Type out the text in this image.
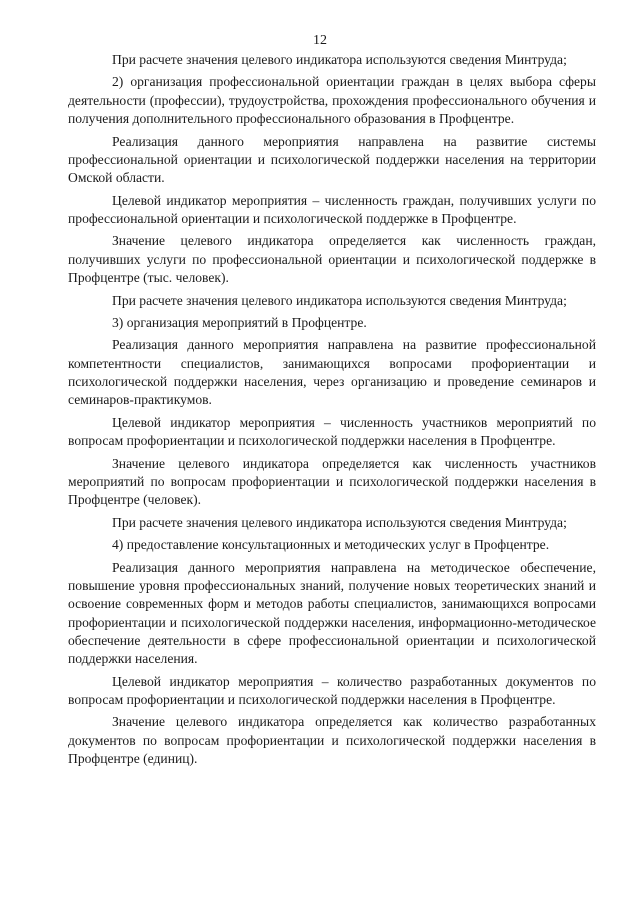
12

При расчете значения целевого индикатора используются сведения Минтруда;

2) организация профессиональной ориентации граждан в целях выбора сферы деятельности (профессии), трудоустройства, прохождения профессионального обучения и получения дополнительного профессионального образования в Профцентре.

Реализация данного мероприятия направлена на развитие системы профессиональной ориентации и психологической поддержки населения на территории Омской области.

Целевой индикатор мероприятия – численность граждан, получивших услуги по профессиональной ориентации и психологической поддержке в Профцентре.

Значение целевого индикатора определяется как численность граждан, получивших услуги по профессиональной ориентации и психологической поддержке в Профцентре (тыс. человек).

При расчете значения целевого индикатора используются сведения Минтруда;

3) организация мероприятий в Профцентре.

Реализация данного мероприятия направлена на развитие профессиональной компетентности специалистов, занимающихся вопросами профориентации и психологической поддержки населения, через организацию и проведение семинаров и семинаров-практикумов.

Целевой индикатор мероприятия – численность участников мероприятий по вопросам профориентации и психологической поддержки населения в Профцентре.

Значение целевого индикатора определяется как численность участников мероприятий по вопросам профориентации и психологической поддержки населения в Профцентре (человек).

При расчете значения целевого индикатора используются сведения Минтруда;

4) предоставление консультационных и методических услуг в Профцентре.

Реализация данного мероприятия направлена на методическое обеспечение, повышение уровня профессиональных знаний, получение новых теоретических знаний и освоение современных форм и методов работы специалистов, занимающихся вопросами профориентации и психологической поддержки населения, информационно-методическое обеспечение деятельности в сфере профессиональной ориентации и психологической поддержки населения.

Целевой индикатор мероприятия – количество разработанных документов по вопросам профориентации и психологической поддержки населения в Профцентре.

Значение целевого индикатора определяется как количество разработанных документов по вопросам профориентации и психологической поддержки населения в Профцентре (единиц).
